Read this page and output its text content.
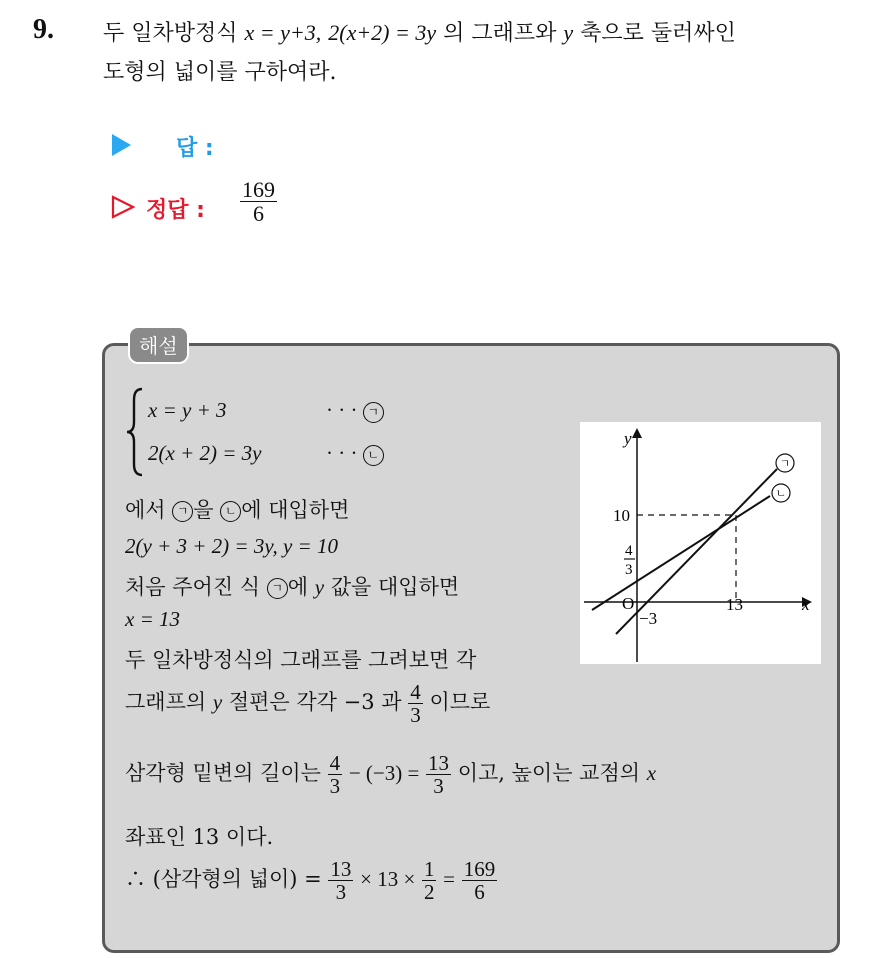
9. 두 일차방정식 x = y+3, 2(x+2) = 3y 의 그래프와 y 축으로 둘러싸인
도형의 넓이를 구하여라.
답 :
정답 : $\frac{169}{6}$
해설
x = y + 3	· · · ㄱ
2(x + 2) = 3y	· · · ㄴ
에서 ㄱ 을 ㄴ 에 대입하면
2(y + 3 + 2) = 3y, y = 10
처음 주어진 식 ㄱ 에 y 값을 대입하면
x = 13
두 일차방정식의 그래프를 그려보면 각
그래프의 y 절편은 각각 −3 과 $\frac{4}{3}$ 이므로
삼각형 밑변의 길이는 $\frac{4}{3} - (-3) = \frac{13}{3}$ 이고, 높이는 교점의 x
좌표인 13 이다.
∴ (삼각형의 넓이) = $\frac{13}{3} \times 13 \times \frac{1}{2} = \frac{169}{6}$
y
x
O
10
4
3
−3
13
ㄱ
ㄴ
